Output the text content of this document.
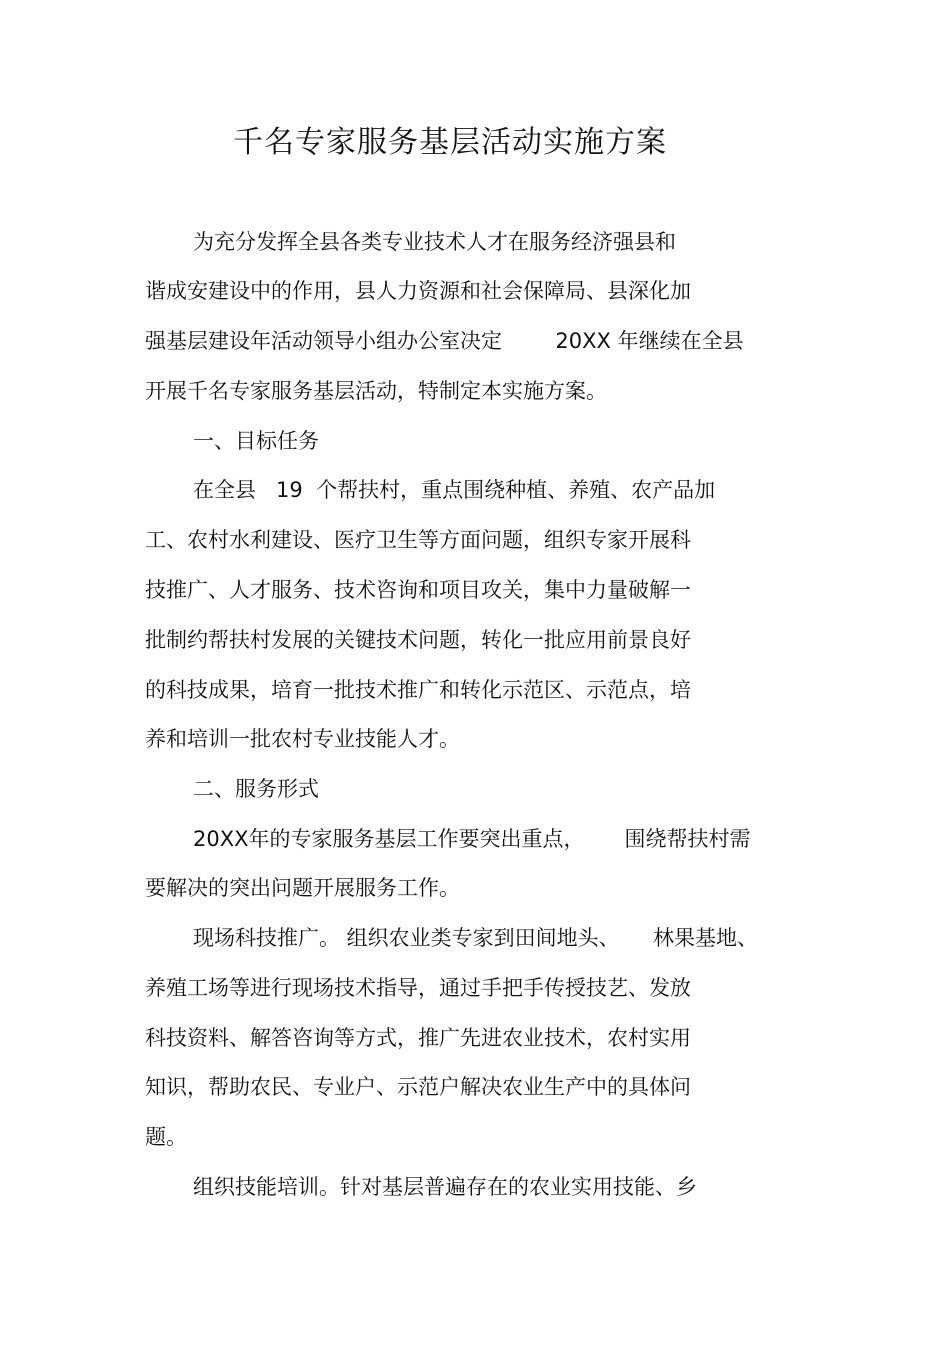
千名专家服务基层活动实施方案
为充分发挥全县各类专业技术人才在服务经济强县和
谐成安建设中的作用，县人力资源和社会保障局、县深化加
强基层建设年活动领导小组办公室决定        20XX 年继续在全县
开展千名专家服务基层活动，特制定本实施方案。
一、目标任务
在全县   19  个帮扶村，重点围绕种植、养殖、农产品加
工、农村水利建设、医疗卫生等方面问题，组织专家开展科
技推广、人才服务、技术咨询和项目攻关，集中力量破解一
批制约帮扶村发展的关键技术问题，转化一批应用前景良好
的科技成果，培育一批技术推广和转化示范区、示范点，培
养和培训一批农村专业技能人才。
二、服务形式
20XX年的专家服务基层工作要突出重点，      围绕帮扶村需
要解决的突出问题开展服务工作。
现场科技推广。 组织农业类专家到田间地头、     林果基地、
养殖工场等进行现场技术指导，通过手把手传授技艺、发放
科技资料、解答咨询等方式，推广先进农业技术，农村实用
知识，帮助农民、专业户、示范户解决农业生产中的具体问
题。
组织技能培训。针对基层普遍存在的农业实用技能、乡
